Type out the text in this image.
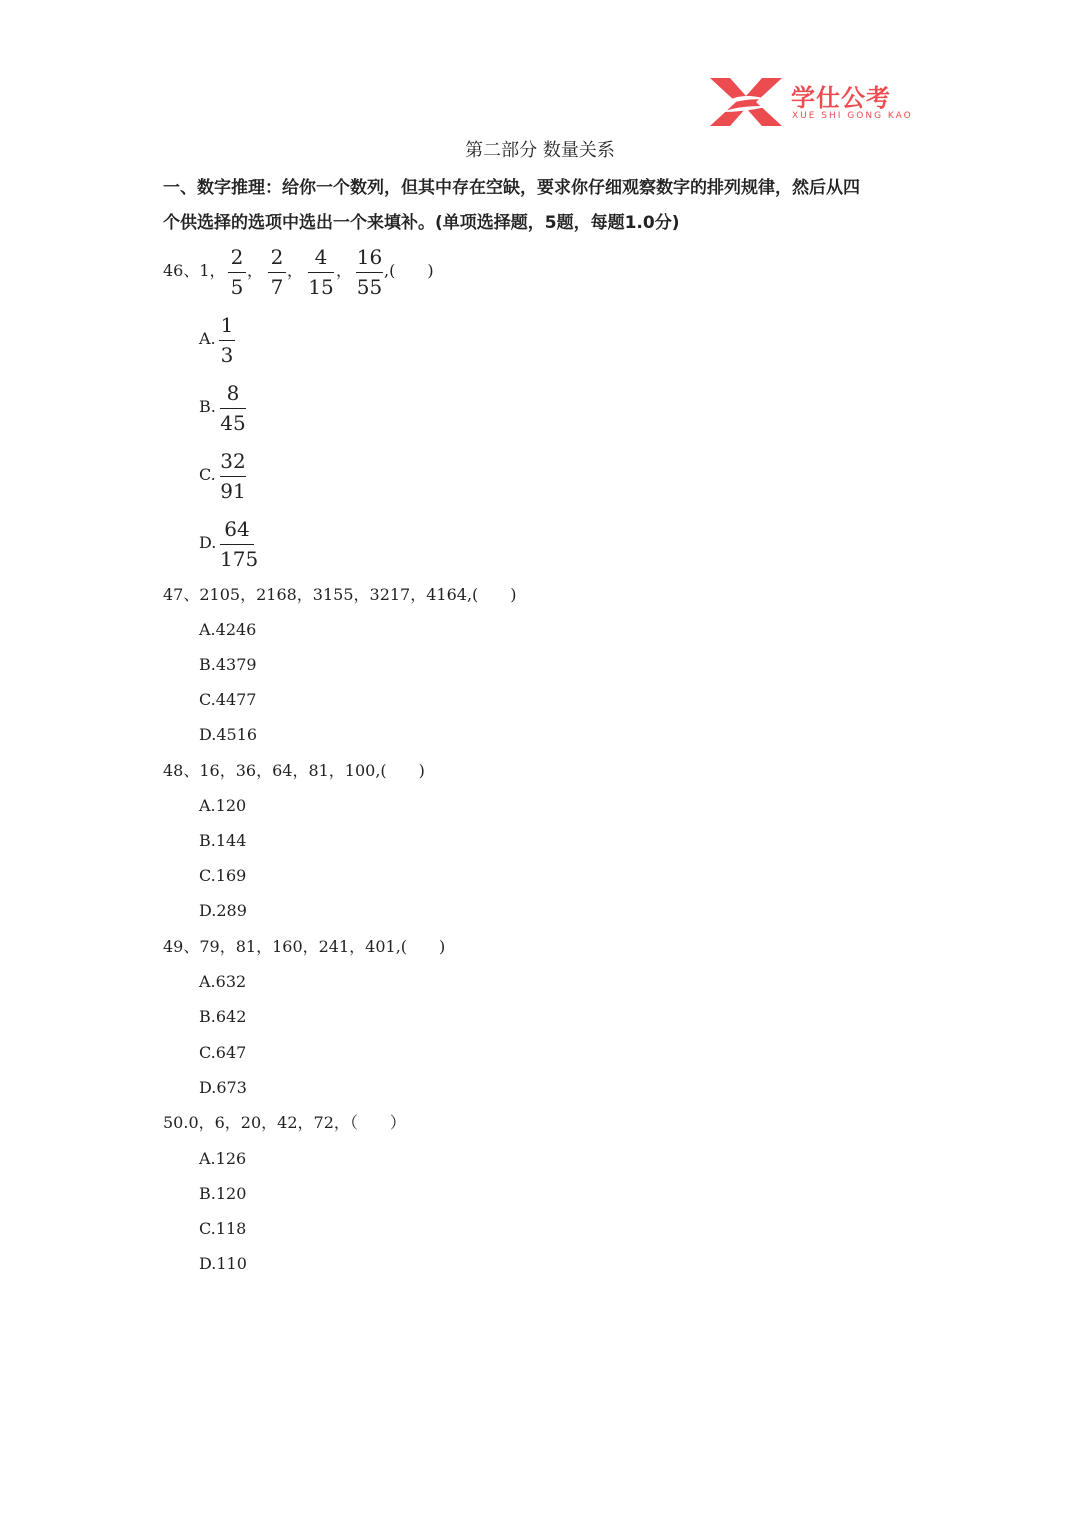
学仕公考
XUE SHI GONG KAO
第二部分 数量关系
一、数字推理：给你一个数列，但其中存在空缺，要求你仔细观察数字的排列规律，然后从四
个供选择的选项中选出一个来填补。(单项选择题，5题，每题1.0分)
46、1，
2
5
，
2
7
，
4
15
，
16
55
,(　　)
A.
1
3
B.
8
45
C.
32
91
D.
64
175
47、2105，2168，3155，3217，4164,(　　)
A.4246
B.4379
C.4477
D.4516
48、16，36，64，81，100,(　　)
A.120
B.144
C.169
D.289
49、79，81，160，241，401,(　　)
A.632
B.642
C.647
D.673
50.0，6，20，42，72，（　　）
A.126
B.120
C.118
D.110
